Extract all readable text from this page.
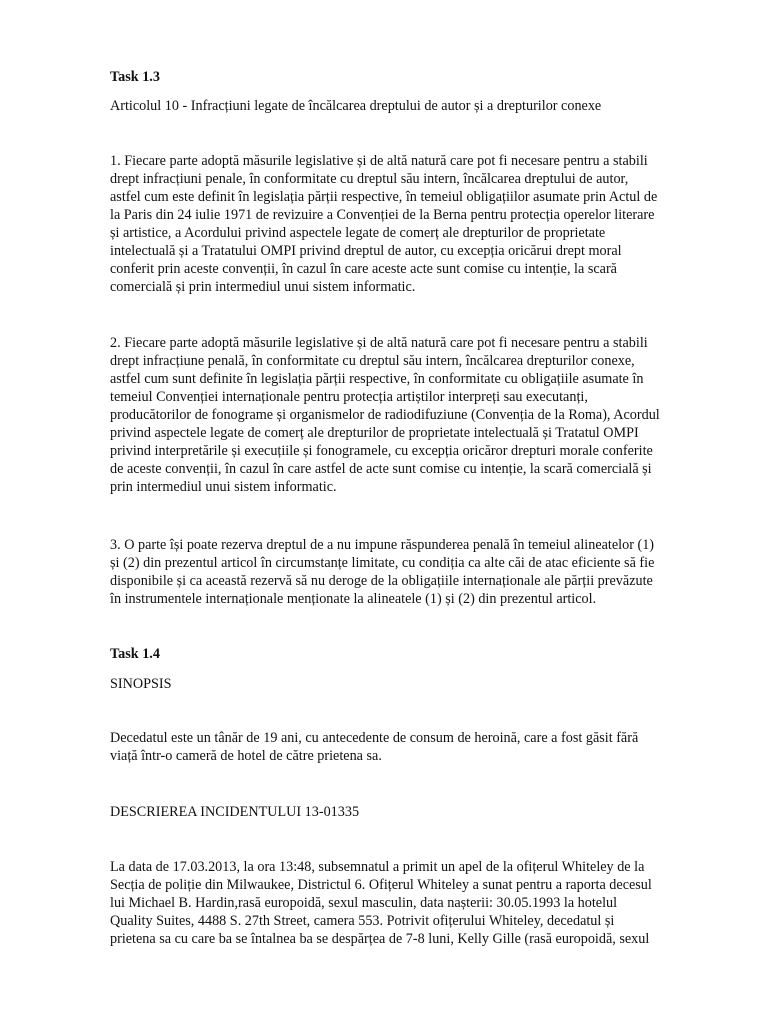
Task 1.3

Articolul 10 - Infracțiuni legate de încălcarea dreptului de autor și a drepturilor conexe

1. Fiecare parte adoptă măsurile legislative și de altă natură care pot fi necesare pentru a stabili
drept infracțiuni penale, în conformitate cu dreptul său intern, încălcarea dreptului de autor,
astfel cum este definit în legislația părții respective, în temeiul obligațiilor asumate prin Actul de
la Paris din 24 iulie 1971 de revizuire a Convenției de la Berna pentru protecția operelor literare
și artistice, a Acordului privind aspectele legate de comerț ale drepturilor de proprietate
intelectuală și a Tratatului OMPI privind dreptul de autor, cu excepția oricărui drept moral
conferit prin aceste convenții, în cazul în care aceste acte sunt comise cu intenție, la scară
comercială și prin intermediul unui sistem informatic.
2. Fiecare parte adoptă măsurile legislative și de altă natură care pot fi necesare pentru a stabili
drept infracțiune penală, în conformitate cu dreptul său intern, încălcarea drepturilor conexe,
astfel cum sunt definite în legislația părții respective, în conformitate cu obligațiile asumate în
temeiul Convenției internaționale pentru protecția artiștilor interpreți sau executanți,
producătorilor de fonograme și organismelor de radiodifuziune (Convenția de la Roma), Acordul
privind aspectele legate de comerț ale drepturilor de proprietate intelectuală și Tratatul OMPI
privind interpretările și execuțiile și fonogramele, cu excepția oricăror drepturi morale conferite
de aceste convenții, în cazul în care astfel de acte sunt comise cu intenție, la scară comercială și
prin intermediul unui sistem informatic.
3. O parte își poate rezerva dreptul de a nu impune răspunderea penală în temeiul alineatelor (1)
și (2) din prezentul articol în circumstanțe limitate, cu condiția ca alte căi de atac eficiente să fie
disponibile și ca această rezervă să nu deroge de la obligațiile internaționale ale părții prevăzute
în instrumentele internaționale menționate la alineatele (1) și (2) din prezentul articol.

Task 1.4

SINOPSIS

Decedatul este un tânăr de 19 ani, cu antecedente de consum de heroină, care a fost găsit fără
viață într-o cameră de hotel de către prietena sa.

DESCRIEREA INCIDENTULUI 13-01335

La data de 17.03.2013, la ora 13:48, subsemnatul a primit un apel de la ofițerul Whiteley de la
Secția de poliție din Milwaukee, Districtul 6. Ofițerul Whiteley a sunat pentru a raporta decesul
lui Michael B. Hardin,rasă europoidă, sexul masculin, data nașterii: 30.05.1993 la hotelul
Quality Suites, 4488 S. 27th Street, camera 553. Potrivit ofițerului Whiteley, decedatul și
prietena sa cu care ba se întalnea ba se despărțea de 7-8 luni, Kelly Gille (rasă europoidă, sexul
